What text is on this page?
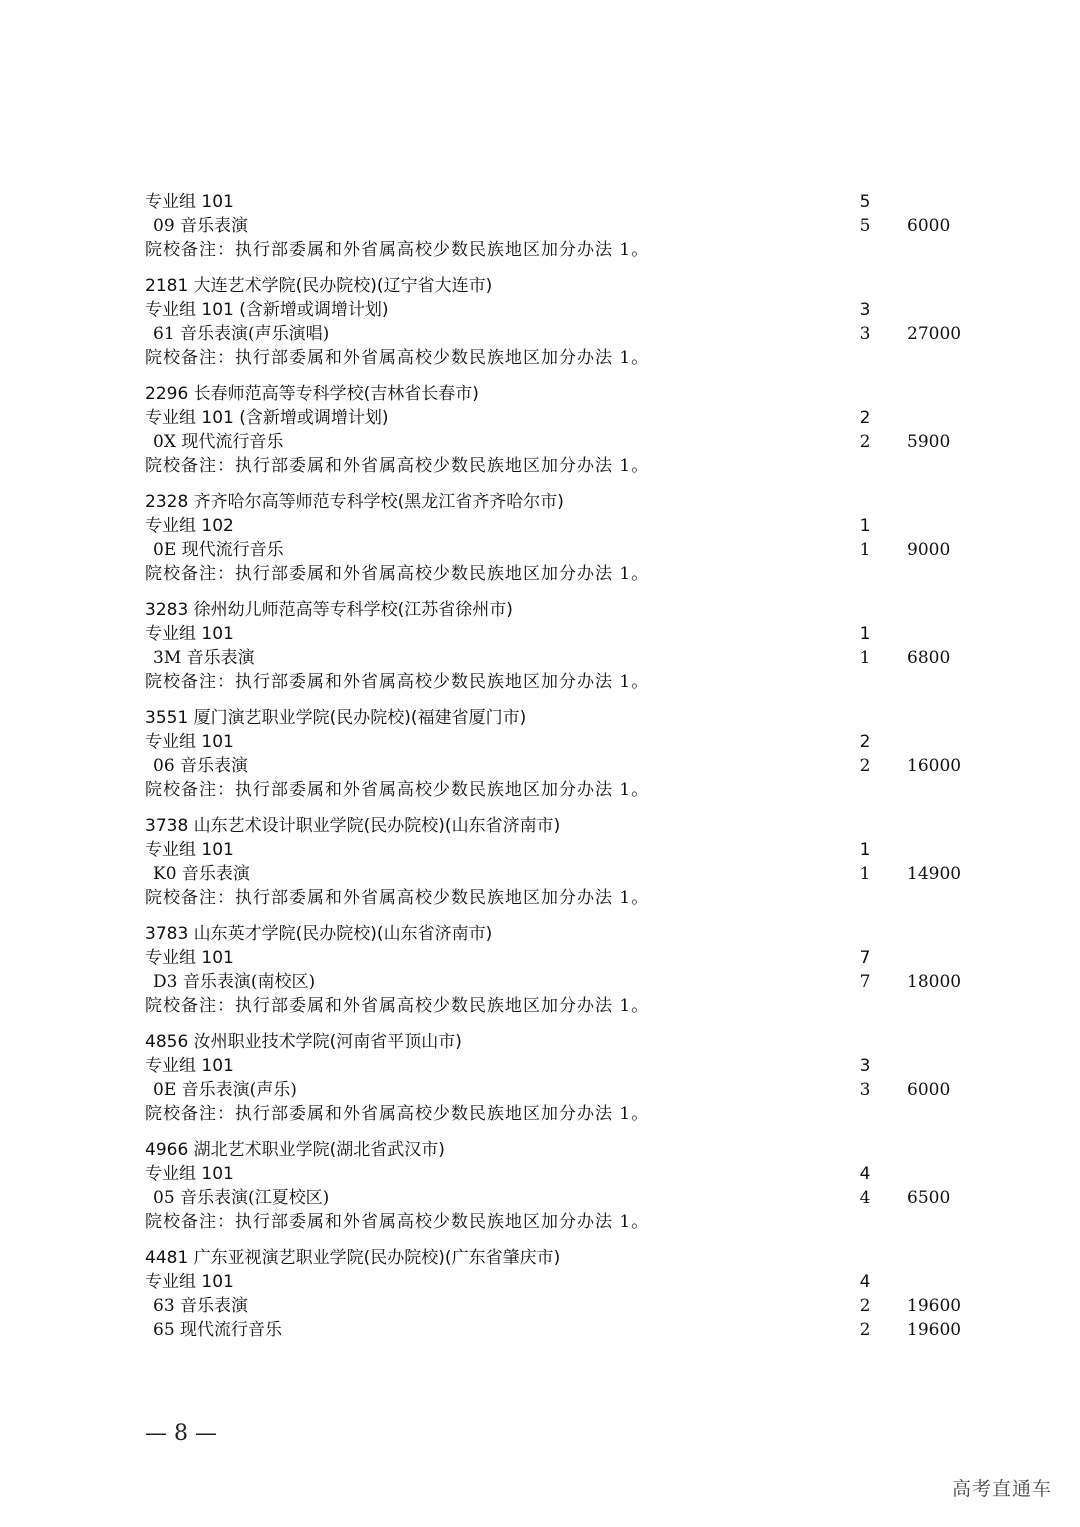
专业组 101	5
09 音乐表演	5 6000
院校备注：执行部委属和外省属高校少数民族地区加分办法 1。
2181 大连艺术学院(民办院校)(辽宁省大连市)
专业组 101 (含新增或调增计划)	3
61 音乐表演(声乐演唱)	3 27000
院校备注：执行部委属和外省属高校少数民族地区加分办法 1。
2296 长春师范高等专科学校(吉林省长春市)
专业组 101 (含新增或调增计划)	2
0X 现代流行音乐	2 5900
院校备注：执行部委属和外省属高校少数民族地区加分办法 1。
2328 齐齐哈尔高等师范专科学校(黑龙江省齐齐哈尔市)
专业组 102	1
0E 现代流行音乐	1 9000
院校备注：执行部委属和外省属高校少数民族地区加分办法 1。
3283 徐州幼儿师范高等专科学校(江苏省徐州市)
专业组 101	1
3M 音乐表演	1 6800
院校备注：执行部委属和外省属高校少数民族地区加分办法 1。
3551 厦门演艺职业学院(民办院校)(福建省厦门市)
专业组 101	2
06 音乐表演	2 16000
院校备注：执行部委属和外省属高校少数民族地区加分办法 1。
3738 山东艺术设计职业学院(民办院校)(山东省济南市)
专业组 101	1
K0 音乐表演	1 14900
院校备注：执行部委属和外省属高校少数民族地区加分办法 1。
3783 山东英才学院(民办院校)(山东省济南市)
专业组 101	7
D3 音乐表演(南校区)	7 18000
院校备注：执行部委属和外省属高校少数民族地区加分办法 1。
4856 汝州职业技术学院(河南省平顶山市)
专业组 101	3
0E 音乐表演(声乐)	3 6000
院校备注：执行部委属和外省属高校少数民族地区加分办法 1。
4966 湖北艺术职业学院(湖北省武汉市)
专业组 101	4
05 音乐表演(江夏校区)	4 6500
院校备注：执行部委属和外省属高校少数民族地区加分办法 1。
4481 广东亚视演艺职业学院(民办院校)(广东省肇庆市)
专业组 101	4
63 音乐表演	2 19600
65 现代流行音乐	2 19600
— 8 —
高考直通车
